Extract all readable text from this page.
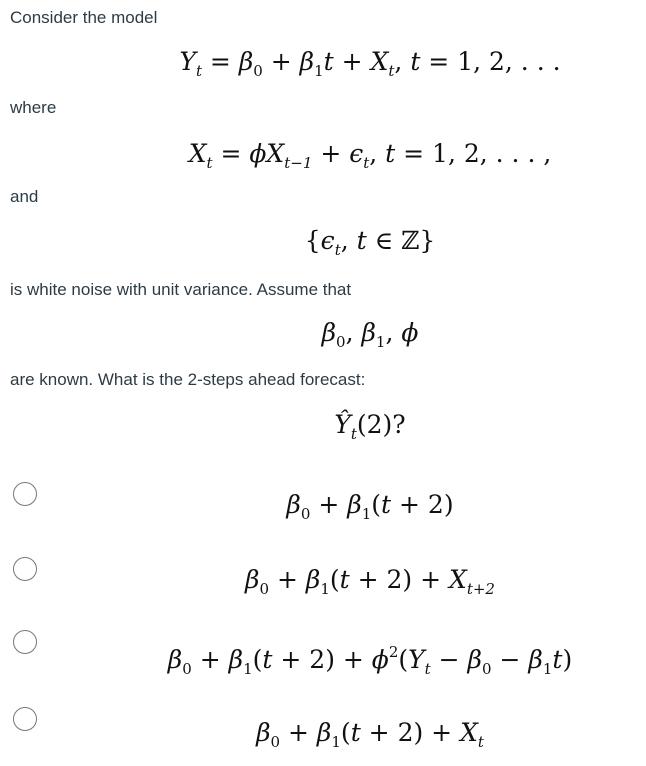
Consider the model
$Y_t = \beta_0 + \beta_1t + X_t$, t = 1, 2, . . .
where
$X_t = \phi X_{t-1} + \epsilon_t$, t = 1, 2, . . . ,
and
{$\epsilon_t$, t ∈ ℤ}
is white noise with unit variance. Assume that
$\beta_0$, $\beta_1$, ϕ
are known. What is the 2-steps ahead forecast:
$Ŷ_t(2)$?
$\beta_0 + \beta_1(t + 2)$
$\beta_0 + \beta_1(t + 2) + X_{t+2}$
$\beta_0 + \beta_1(t + 2) + \phi^2(Y_t - \beta_0 - \beta_1t)$
$\beta_0 + \beta_1(t + 2) + X_t$
